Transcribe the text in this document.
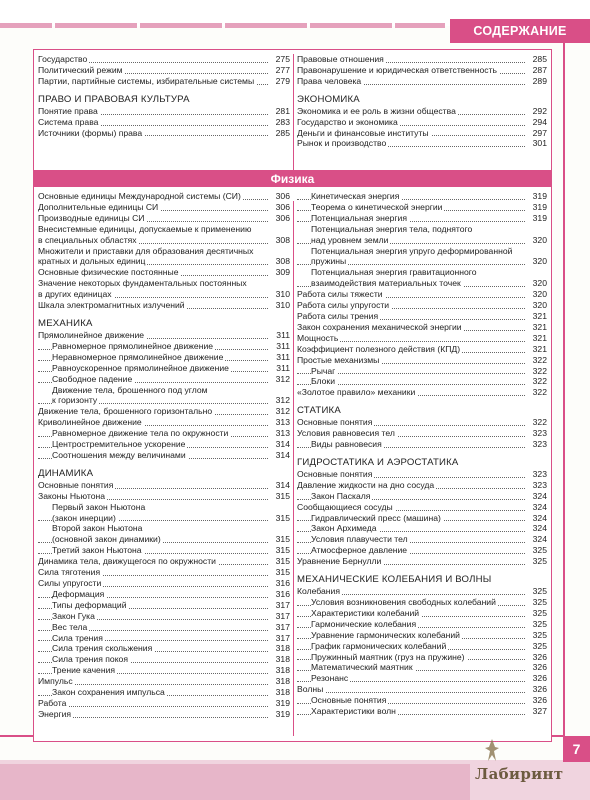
СОДЕРЖАНИЕ
Государство	275
Политический режим	277
Партии, партийные системы, избирательные системы	279
ПРАВО И ПРАВОВАЯ КУЛЬТУРА
Понятие права	281
Система права	283
Источники (формы) права	285
Правовые отношения	285
Правонарушение и юридическая ответственность	287
Права человека	289
ЭКОНОМИКА
Экономика и ее роль в жизни общества	292
Государство и экономика	294
Деньги и финансовые институты	297
Рынок и производство	301
Физика
Основные единицы Международной системы (СИ)	306
Дополнительные единицы СИ	306
Производные единицы СИ	306
Внесистемные единицы, допускаемые к применению
в специальных областях	308
Множители и приставки для образования десятичных
кратных и дольных единиц	308
Основные физические постоянные	309
Значение некоторых фундаментальных постоянных
в других единицах	310
Шкала электромагнитных излучений	310
МЕХАНИКА
Прямолинейное движение	311
Равномерное прямолинейное движение	311
Неравномерное прямолинейное движение	311
Равноускоренное прямолинейное движение	311
Свободное падение	312
Движение тела, брошенного под углом
к горизонту	312
Движение тела, брошенного горизонтально	312
Криволинейное движение	313
Равномерное движение тела по окружности	313
Центростремительное ускорение	314
Соотношения между величинами	314
ДИНАМИКА
Основные понятия	314
Законы Ньютона	315
Первый закон Ньютона
(закон инерции)	315
Второй закон Ньютона
(основной закон динамики)	315
Третий закон Ньютона	315
Динамика тела, движущегося по окружности	315
Сила тяготения	315
Силы упругости	316
Деформация	316
Типы деформаций	317
Закон Гука	317
Вес тела	317
Сила трения	317
Сила трения скольжения	318
Сила трения покоя	318
Трение качения	318
Импульс	318
Закон сохранения импульса	318
Работа	319
Энергия	319
Кинетическая энергия	319
Теорема о кинетической энергии	319
Потенциальная энергия	319
Потенциальная энергия тела, поднятого
над уровнем земли	320
Потенциальная энергия упруго деформированной
пружины	320
Потенциальная энергия гравитационного
взаимодействия материальных точек	320
Работа силы тяжести	320
Работа силы упругости	320
Работа силы трения	321
Закон сохранения механической энергии	321
Мощность	321
Коэффициент полезного действия (КПД)	321
Простые механизмы	322
Рычаг	322
Блоки	322
«Золотое правило» механики	322
СТАТИКА
Основные понятия	322
Условия равновесия тел	323
Виды равновесия	323
ГИДРОСТАТИКА И АЭРОСТАТИКА
Основные понятия	323
Давление жидкости на дно сосуда	323
Закон Паскаля	324
Сообщающиеся сосуды	324
Гидравлический пресс (машина)	324
Закон Архимеда	324
Условия плавучести тел	324
Атмосферное давление	325
Уравнение Бернулли	325
МЕХАНИЧЕСКИЕ КОЛЕБАНИЯ И ВОЛНЫ
Колебания	325
Условия возникновения свободных колебаний	325
Характеристики колебаний	325
Гармонические колебания	325
Уравнение гармонических колебаний	325
График гармонических колебаний	325
Пружинный маятник (груз на пружине)	326
Математический маятник	326
Резонанс	326
Волны	326
Основные понятия	326
Характеристики волн	327
7
Лабиринт
